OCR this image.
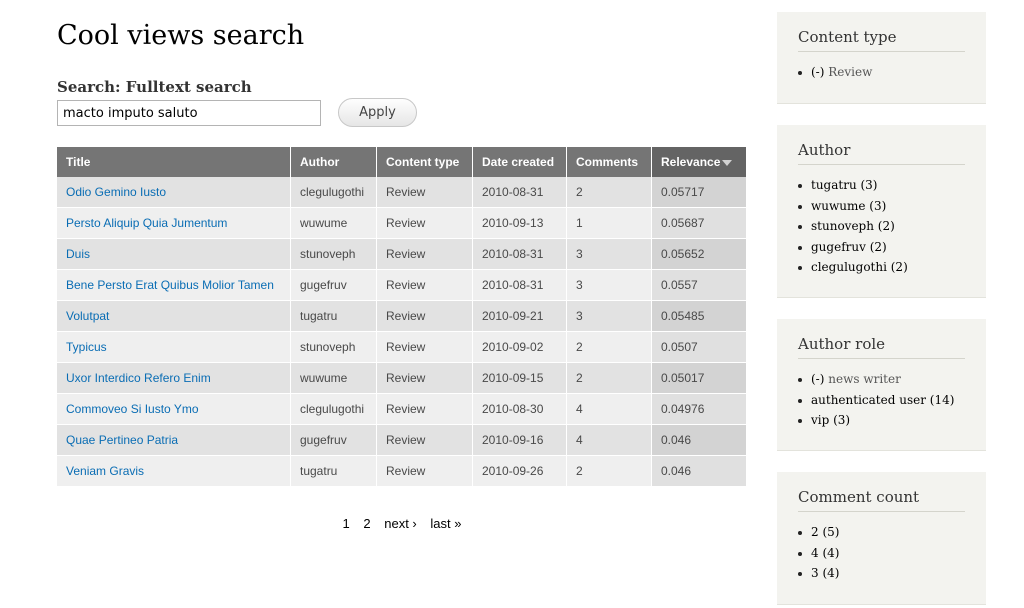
Cool views search
Search: Fulltext search
macto imputo saluto
Apply
Title	Author	Content type	Date created	Comments	Relevance
Odio Gemino Iusto	clegulugothi	Review	2010-08-31	2	0.05717
Persto Aliquip Quia Jumentum	wuwume	Review	2010-09-13	1	0.05687
Duis	stunoveph	Review	2010-08-31	3	0.05652
Bene Persto Erat Quibus Molior Tamen	gugefruv	Review	2010-08-31	3	0.0557
Volutpat	tugatru	Review	2010-09-21	3	0.05485
Typicus	stunoveph	Review	2010-09-02	2	0.0507
Uxor Interdico Refero Enim	wuwume	Review	2010-09-15	2	0.05017
Commoveo Si Iusto Ymo	clegulugothi	Review	2010-08-30	4	0.04976
Quae Pertineo Patria	gugefruv	Review	2010-09-16	4	0.046
Veniam Gravis	tugatru	Review	2010-09-26	2	0.046
1 2 next › last »
Content type
(-) Review
Author
tugatru (3)
wuwume (3)
stunoveph (2)
gugefruv (2)
clegulugothi (2)
Author role
(-) news writer
authenticated user (14)
vip (3)
Comment count
2 (5)
4 (4)
3 (4)
